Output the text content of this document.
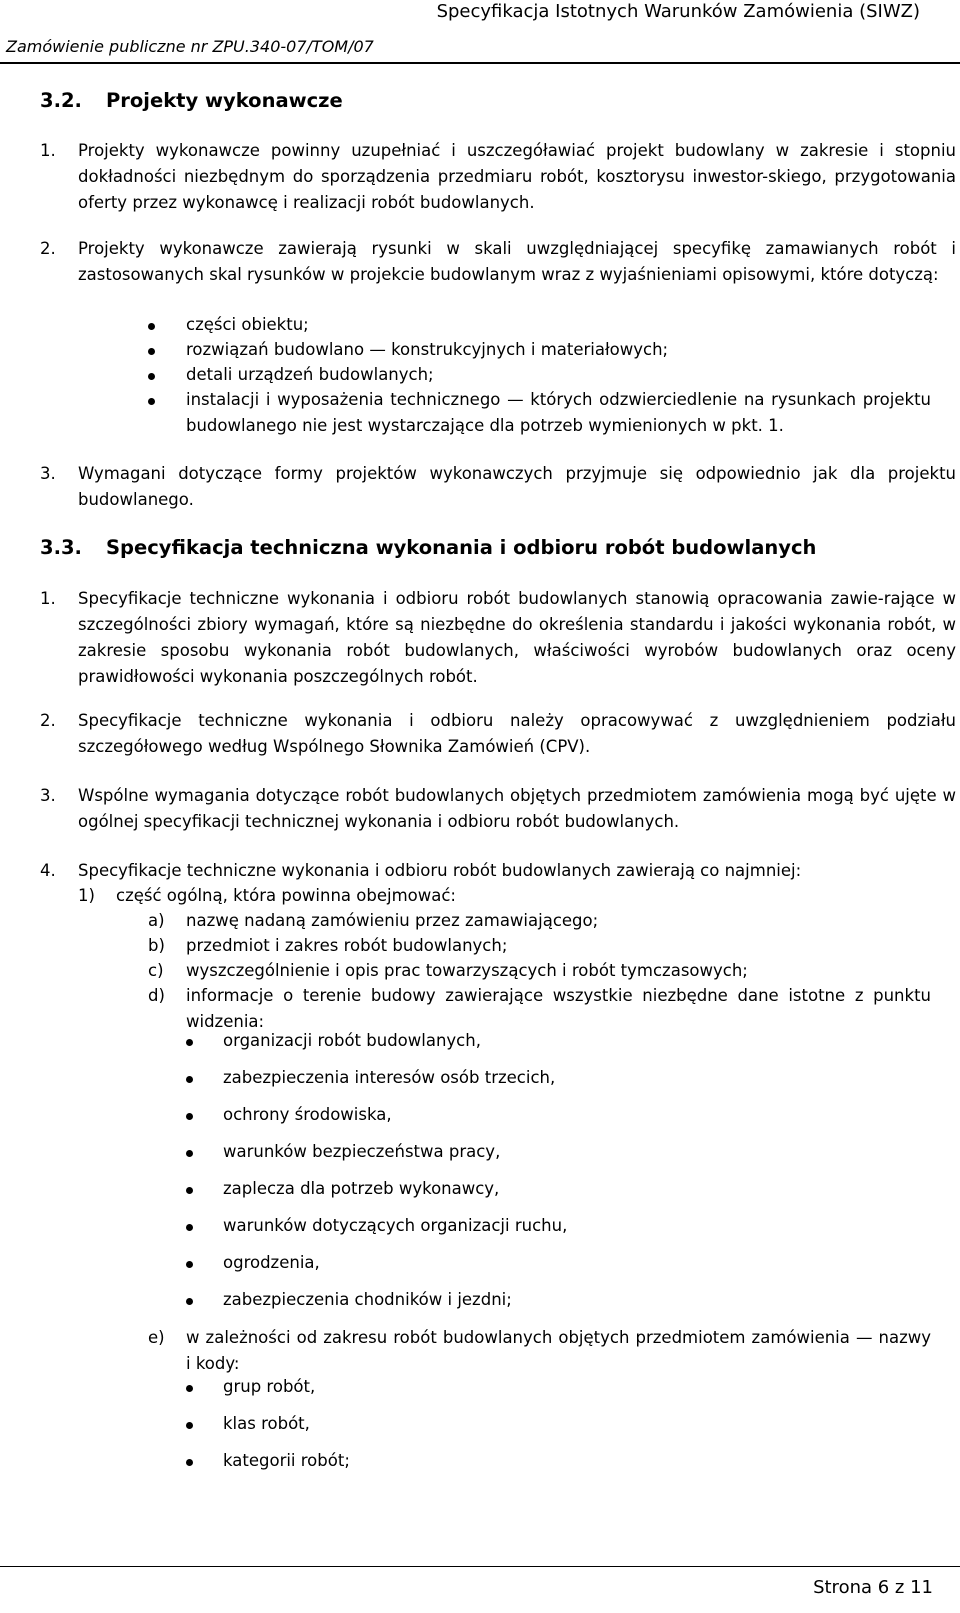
Specyfikacja Istotnych Warunków Zamówienia (SIWZ)
Zamówienie publiczne nr ZPU.340-07/TOM/07
3.2. Projekty wykonawcze
1. Projekty wykonawcze powinny uzupełniać i uszczegóławiać projekt budowlany w zakresie i stopniu dokładności niezbędnym do sporządzenia przedmiaru robót, kosztorysu inwestor-skiego, przygotowania oferty przez wykonawcę i realizacji robót budowlanych.
2. Projekty wykonawcze zawierają rysunki w skali uwzględniającej specyfikę zamawianych robót i zastosowanych skal rysunków w projekcie budowlanym wraz z wyjaśnieniami opisowymi, które dotyczą:
części obiektu;
rozwiązań budowlano — konstrukcyjnych i materiałowych;
detali urządzeń budowlanych;
instalacji i wyposażenia technicznego — których odzwierciedlenie na rysunkach projektu budowlanego nie jest wystarczające dla potrzeb wymienionych w pkt. 1.
3. Wymagani dotyczące formy projektów wykonawczych przyjmuje się odpowiednio jak dla projektu budowlanego.
3.3. Specyfikacja techniczna wykonania i odbioru robót budowlanych
1. Specyfikacje techniczne wykonania i odbioru robót budowlanych stanowią opracowania zawie-rające w szczególności zbiory wymagań, które są niezbędne do określenia standardu i jakości wykonania robót, w zakresie sposobu wykonania robót budowlanych, właściwości wyrobów budowlanych oraz oceny prawidłowości wykonania poszczególnych robót.
2. Specyfikacje techniczne wykonania i odbioru należy opracowywać z uwzględnieniem podziału szczegółowego według Wspólnego Słownika Zamówień (CPV).
3. Wspólne wymagania dotyczące robót budowlanych objętych przedmiotem zamówienia mogą być ujęte w ogólnej specyfikacji technicznej wykonania i odbioru robót budowlanych.
4. Specyfikacje techniczne wykonania i odbioru robót budowlanych zawierają co najmniej:
1) część ogólną, która powinna obejmować:
a) nazwę nadaną zamówieniu przez zamawiającego;
b) przedmiot i zakres robót budowlanych;
c) wyszczególnienie i opis prac towarzyszących i robót tymczasowych;
d) informacje o terenie budowy zawierające wszystkie niezbędne dane istotne z punktu widzenia:
organizacji robót budowlanych,
zabezpieczenia interesów osób trzecich,
ochrony środowiska,
warunków bezpieczeństwa pracy,
zaplecza dla potrzeb wykonawcy,
warunków dotyczących organizacji ruchu,
ogrodzenia,
zabezpieczenia chodników i jezdni;
e) w zależności od zakresu robót budowlanych objętych przedmiotem zamówienia — nazwy i kody:
grup robót,
klas robót,
kategorii robót;
Strona 6 z 11
